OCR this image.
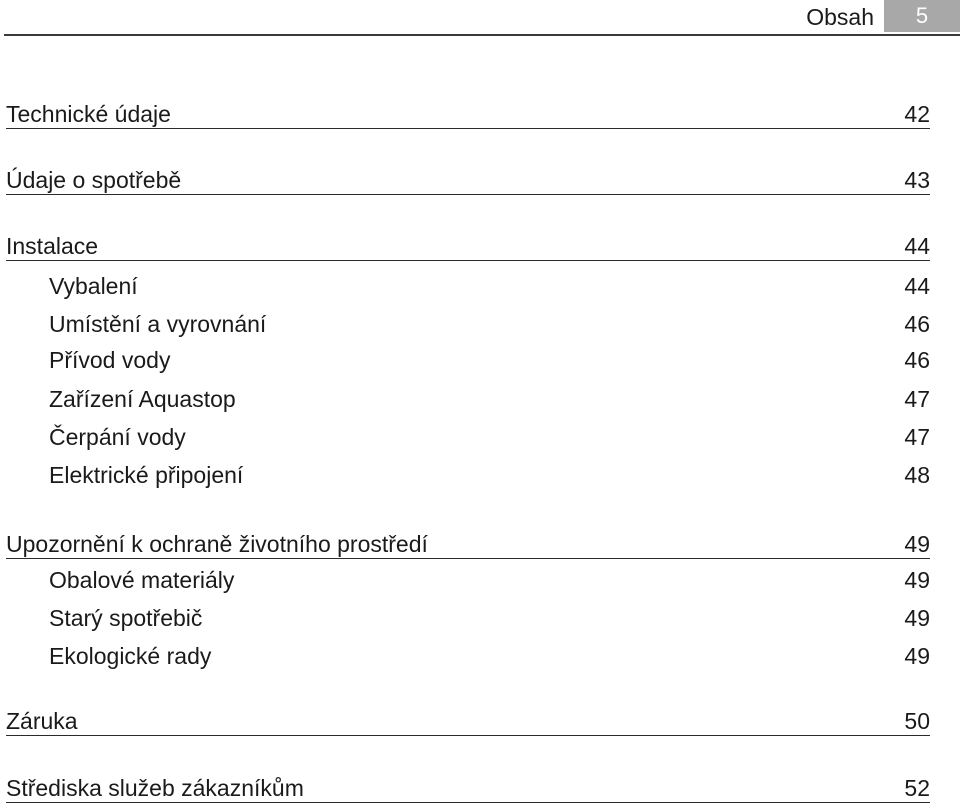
Obsah	5
Technické údaje	42
Údaje o spotřebě	43
Instalace	44
Vybalení	44
Umístění a vyrovnání	46
Přívod vody	46
Zařízení Aquastop	47
Čerpání vody	47
Elektrické připojení	48
Upozornění k ochraně životního prostředí	49
Obalové materiály	49
Starý spotřebič	49
Ekologické rady	49
Záruka	50
Střediska služeb zákazníkům	52
